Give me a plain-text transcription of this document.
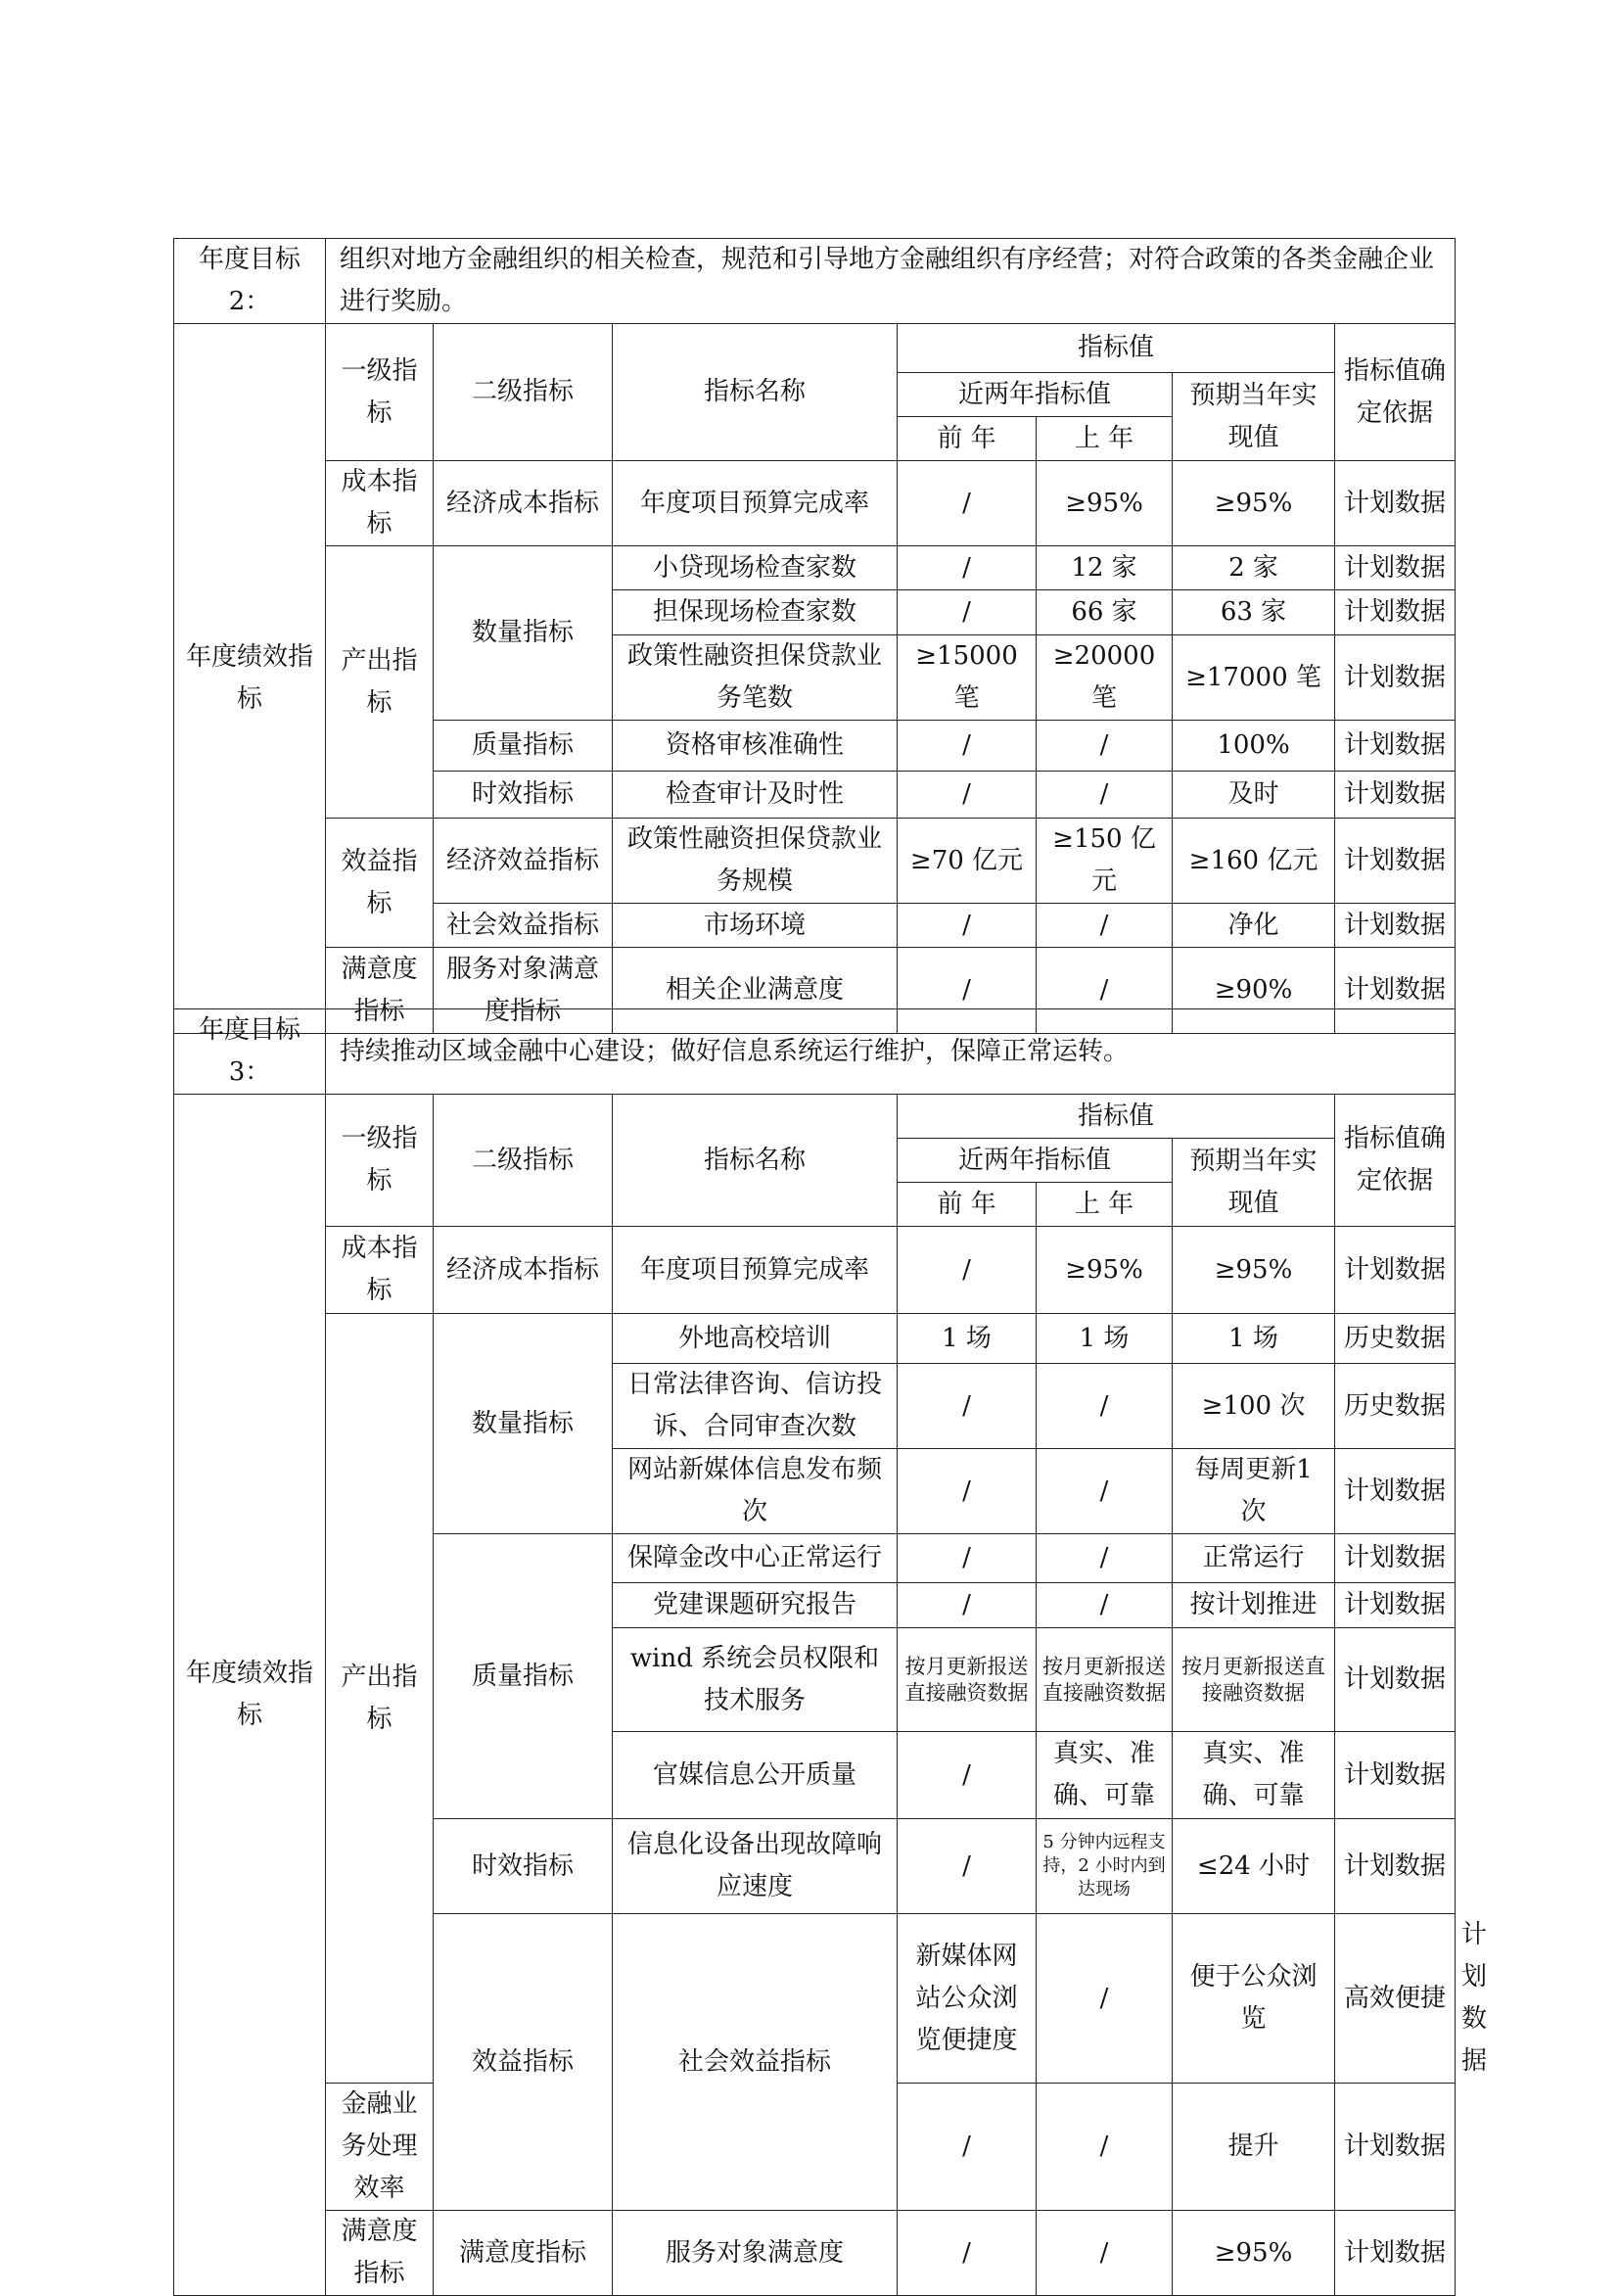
年度目标 2：	组织对地方金融组织的相关检查，规范和引导地方金融组织有序经营；对符合政策的各类金融企业进行奖励。						
年度绩效指标	一级指标	二级指标	指标名称	指标值			指标值确定依据
				近两年指标值		预期当年实现值	
				前 年	上 年		
	成本指标	经济成本指标	年度项目预算完成率	/	≥95%	≥95%	计划数据
	产出指标	数量指标	小贷现场检查家数	/	12 家	2 家	计划数据
			担保现场检查家数	/	66 家	63 家	计划数据
			政策性融资担保贷款业务笔数	≥15000 笔	≥20000 笔	≥17000 笔	计划数据
		质量指标	资格审核准确性	/	/	100%	计划数据
		时效指标	检查审计及时性	/	/	及时	计划数据
	效益指标	经济效益指标	政策性融资担保贷款业务规模	≥70 亿元	≥150 亿元	≥160 亿元	计划数据
		社会效益指标	市场环境	/	/	净化	计划数据
	满意度指标	服务对象满意度指标	相关企业满意度	/	/	≥90%	计划数据
年度目标 3：	持续推动区域金融中心建设；做好信息系统运行维护，保障正常运转。							
年度绩效指标	一级指标	二级指标	指标名称	指标值			指标值确定依据	
				近两年指标值		预期当年实现值		
				前 年	上 年			
	成本指标	经济成本指标	年度项目预算完成率	/	≥95%	≥95%	计划数据	
	产出指标	数量指标	外地高校培训	1 场	1 场	1 场	历史数据	
			日常法律咨询、信访投诉、合同审查次数	/	/	≥100 次	历史数据	
			网站新媒体信息发布频次	/	/	每周更新1 次	计划数据	
		质量指标	保障金改中心正常运行	/	/	正常运行	计划数据	
			党建课题研究报告	/	/	按计划推进	计划数据	
			wind 系统会员权限和技术服务	按月更新报送直接融资数据	按月更新报送直接融资数据	按月更新报送直接融资数据	计划数据	
			官媒信息公开质量	/	真实、准确、可靠	真实、准确、可靠	计划数据	
		时效指标	信息化设备出现故障响应速度	/	5 分钟内远程支持，2 小时内到达现场	≤24 小时	计划数据	
		效益指标	社会效益指标	新媒体网站公众浏览便捷度	/	便于公众浏览	高效便捷	计划数据
	金融业务处理效率			/	/	提升	计划数据	
	满意度指标	满意度指标	服务对象满意度	/	/	≥95%	计划数据	
